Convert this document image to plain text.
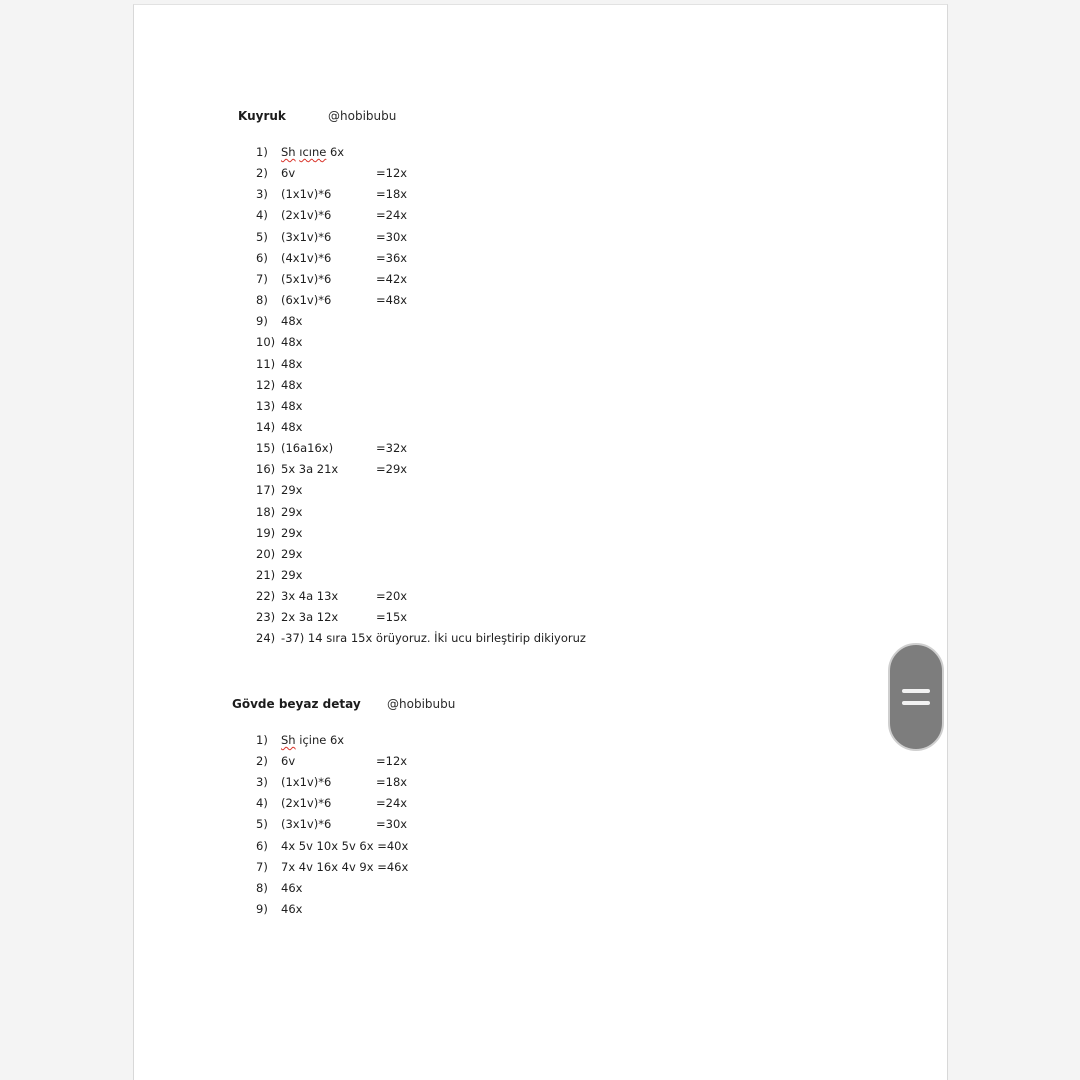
Kuyruk	@hobibubu
1)	Sh ıcıne 6x
2)	6v	=12x
3)	(1x1v)*6	=18x
4)	(2x1v)*6	=24x
5)	(3x1v)*6	=30x
6)	(4x1v)*6	=36x
7)	(5x1v)*6	=42x
8)	(6x1v)*6	=48x
9)	48x
10) 48x
11) 48x
12) 48x
13) 48x
14) 48x
15) (16a16x)	=32x
16) 5x 3a 21x	=29x
17) 29x
18) 29x
19) 29x
20) 29x
21) 29x
22) 3x 4a 13x	=20x
23) 2x 3a 12x	=15x
24) -37) 14 sıra 15x örüyoruz. İki ucu birleştirip dikiyoruz
Gövde beyaz detay @hobibubu
1)	Sh içine 6x
2)	6v	=12x
3)	(1x1v)*6	=18x
4)	(2x1v)*6	=24x
5)	(3x1v)*6	=30x
6)	4x 5v 10x 5v 6x =40x
7)	7x 4v 16x 4v 9x =46x
8)	46x
9)	46x
